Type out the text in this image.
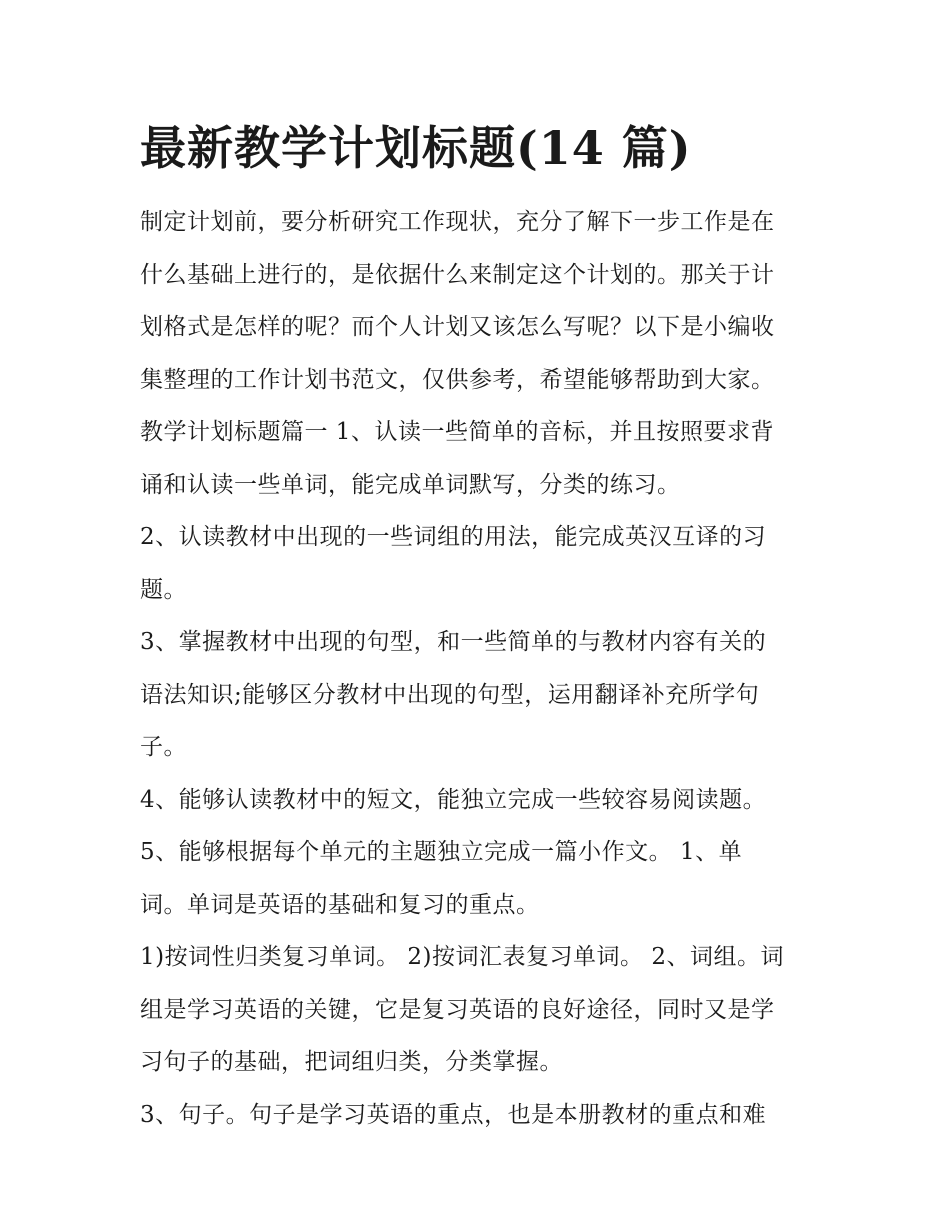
最新教学计划标题(14 篇)
制定计划前，要分析研究工作现状，充分了解下一步工作是在
什么基础上进行的，是依据什么来制定这个计划的。那关于计
划格式是怎样的呢？而个人计划又该怎么写呢？以下是小编收
集整理的工作计划书范文，仅供参考，希望能够帮助到大家。
教学计划标题篇一 1、认读一些简单的音标，并且按照要求背
诵和认读一些单词，能完成单词默写，分类的练习。
2、认读教材中出现的一些词组的用法，能完成英汉互译的习
题。
3、掌握教材中出现的句型，和一些简单的与教材内容有关的
语法知识;能够区分教材中出现的句型，运用翻译补充所学句
子。
4、能够认读教材中的短文，能独立完成一些较容易阅读题。
5、能够根据每个单元的主题独立完成一篇小作文。 1、单
词。单词是英语的基础和复习的重点。
1)按词性归类复习单词。 2)按词汇表复习单词。 2、词组。词
组是学习英语的关键，它是复习英语的良好途径，同时又是学
习句子的基础，把词组归类，分类掌握。
3、句子。句子是学习英语的重点，也是本册教材的重点和难
